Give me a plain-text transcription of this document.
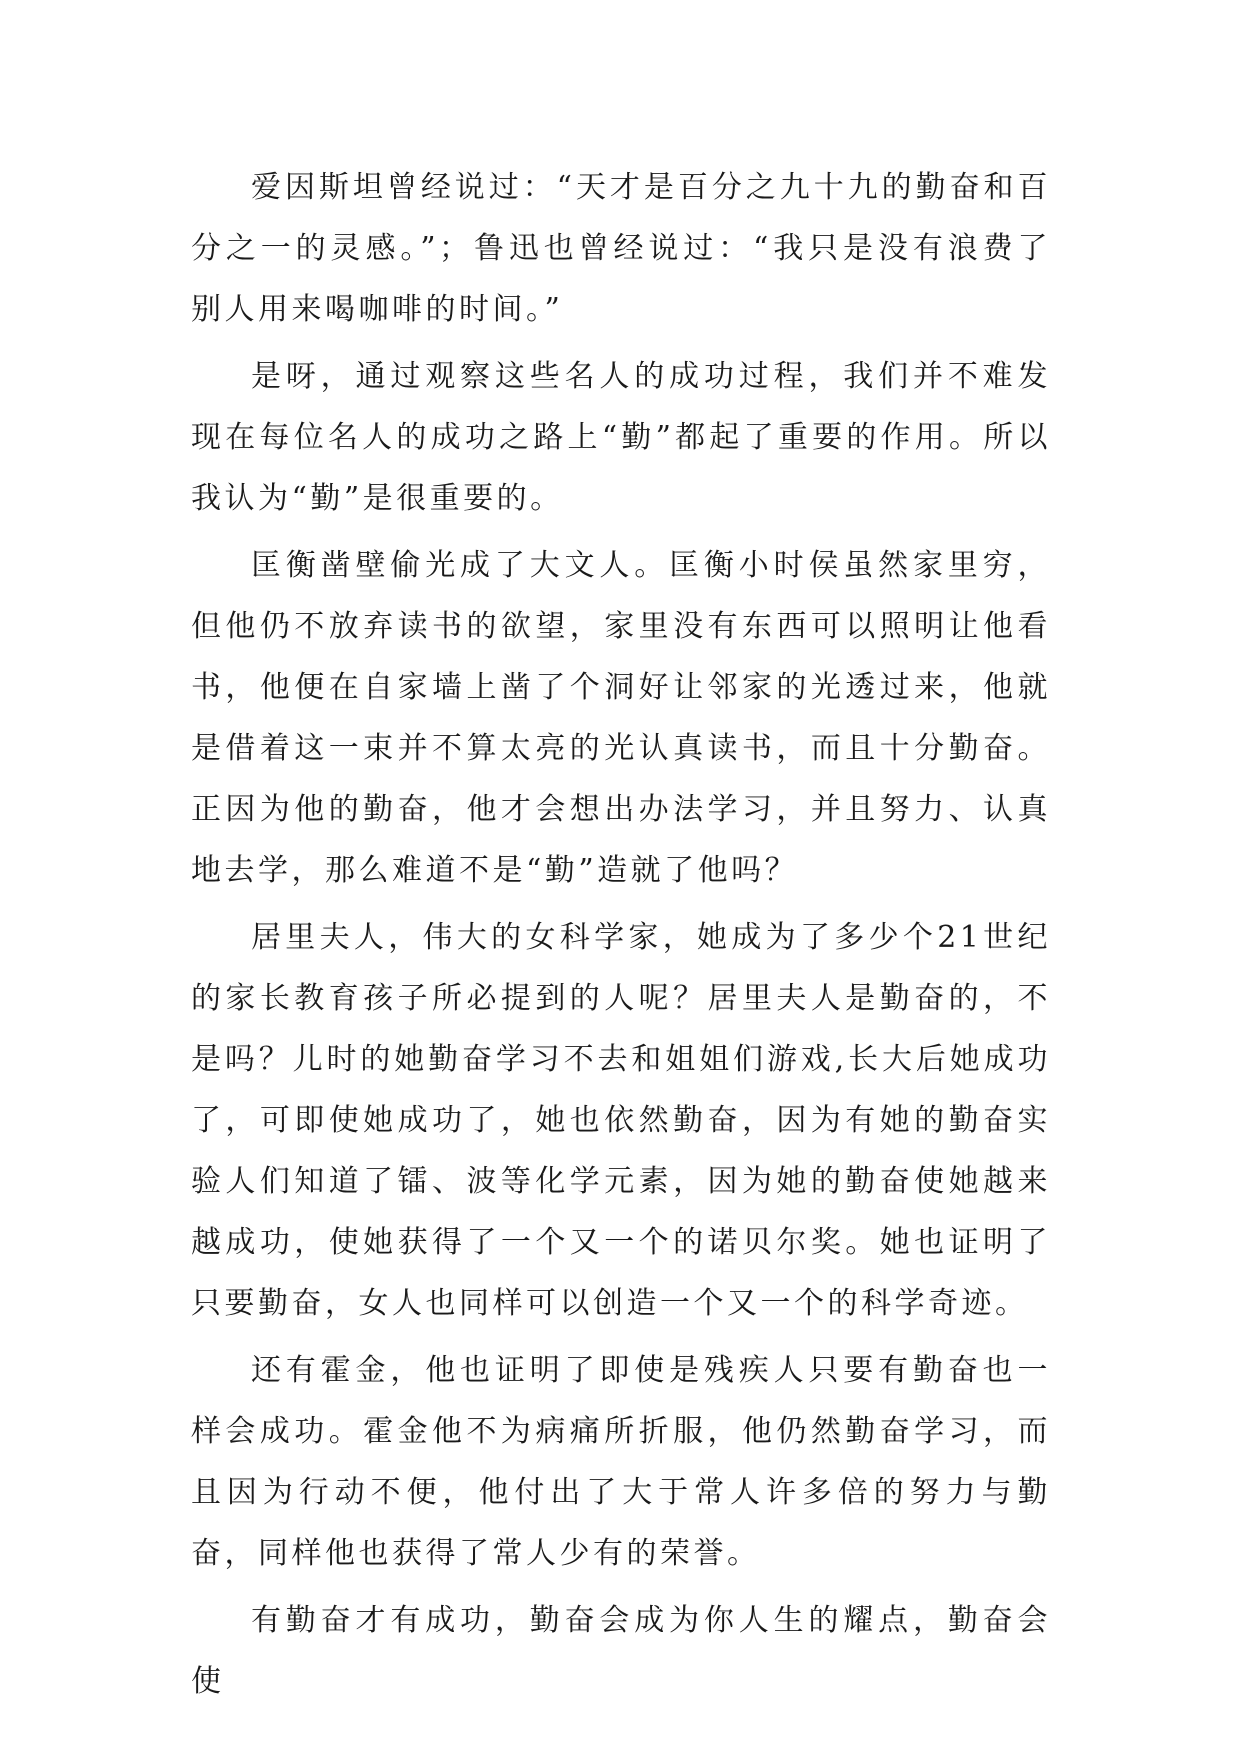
爱因斯坦曾经说过：“天才是百分之九十九的勤奋和百分之一的灵感。”；鲁迅也曾经说过：“我只是没有浪费了别人用来喝咖啡的时间。”

是呀，通过观察这些名人的成功过程，我们并不难发现在每位名人的成功之路上“勤”都起了重要的作用。所以我认为“勤”是很重要的。

匡衡凿壁偷光成了大文人。匡衡小时侯虽然家里穷，但他仍不放弃读书的欲望，家里没有东西可以照明让他看书，他便在自家墙上凿了个洞好让邻家的光透过来，他就是借着这一束并不算太亮的光认真读书，而且十分勤奋。正因为他的勤奋，他才会想出办法学习，并且努力、认真地去学，那么难道不是“勤”造就了他吗？

居里夫人，伟大的女科学家，她成为了多少个21世纪的家长教育孩子所必提到的人呢？居里夫人是勤奋的，不是吗？儿时的她勤奋学习不去和姐姐们游戏,长大后她成功了，可即使她成功了，她也依然勤奋，因为有她的勤奋实验人们知道了镭、波等化学元素，因为她的勤奋使她越来越成功，使她获得了一个又一个的诺贝尔奖。她也证明了只要勤奋，女人也同样可以创造一个又一个的科学奇迹。

还有霍金，他也证明了即使是残疾人只要有勤奋也一样会成功。霍金他不为病痛所折服，他仍然勤奋学习，而且因为行动不便，他付出了大于常人许多倍的努力与勤奋，同样他也获得了常人少有的荣誉。

有勤奋才有成功，勤奋会成为你人生的耀点，勤奋会使
